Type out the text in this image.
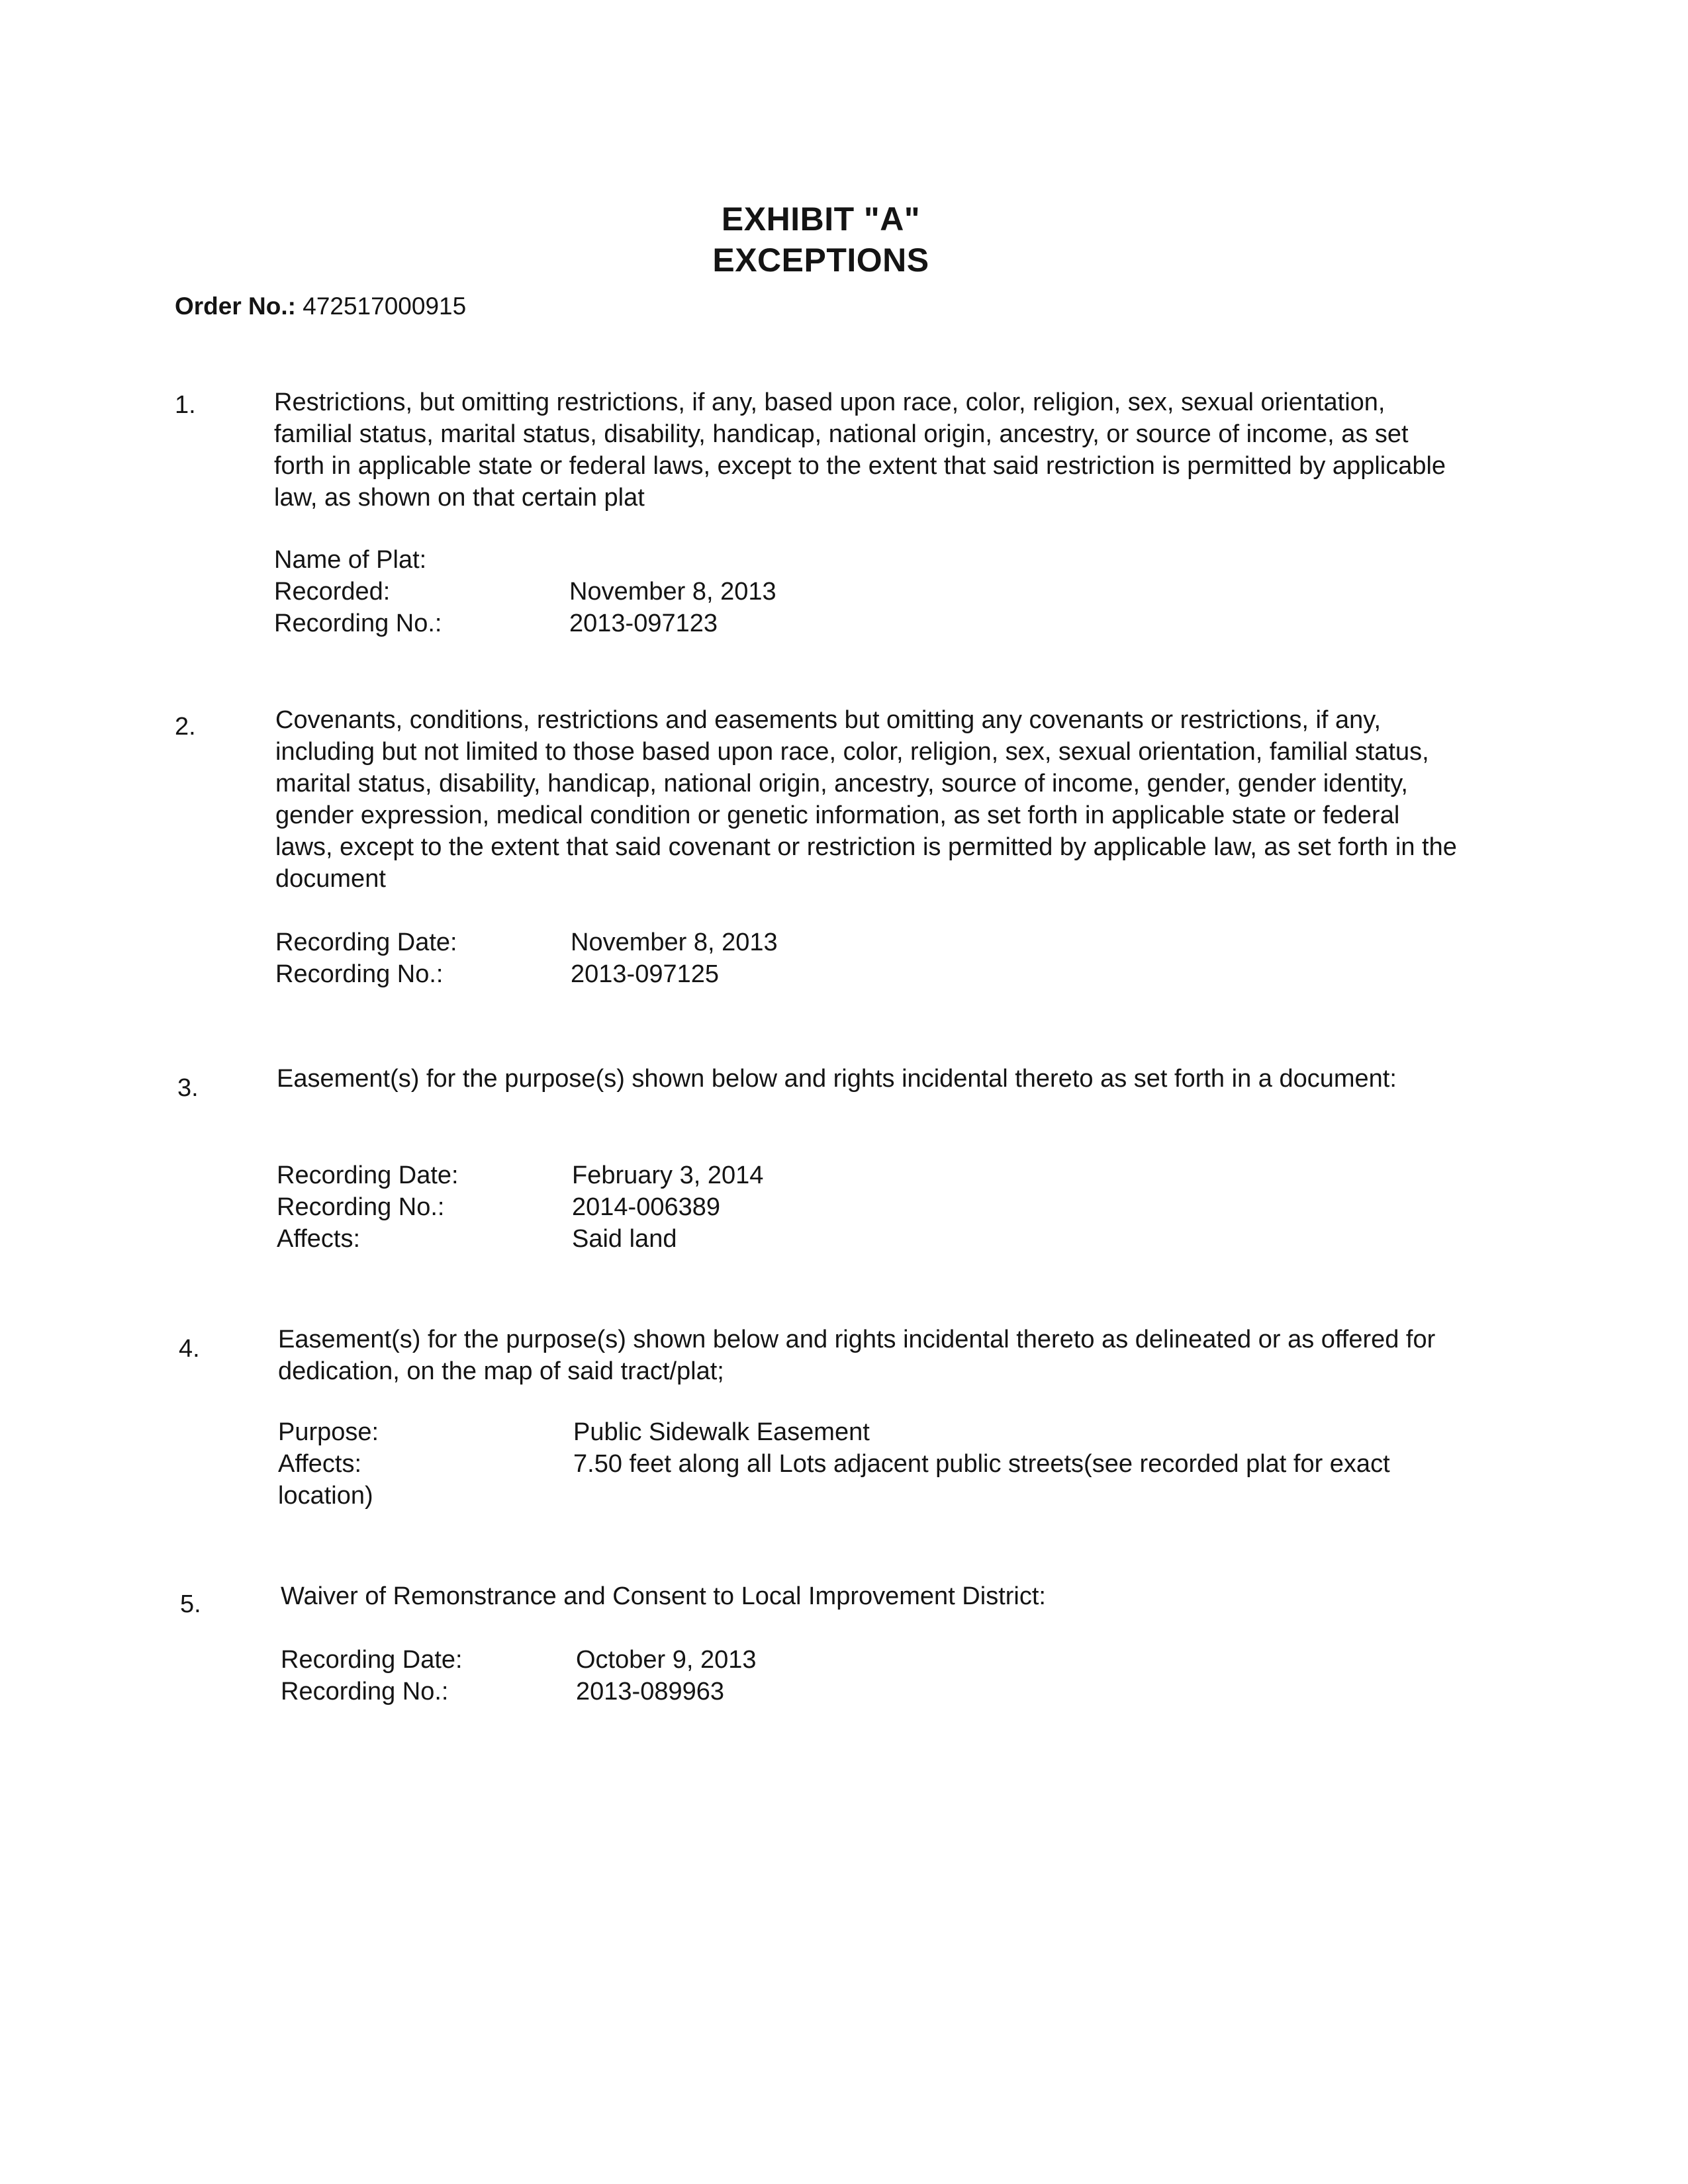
EXHIBIT "A"
EXCEPTIONS
Order No.: 472517000915
1.	Restrictions, but omitting restrictions, if any, based upon race, color, religion, sex, sexual orientation, familial status, marital status, disability, handicap, national origin, ancestry, or source of income, as set forth in applicable state or federal laws, except to the extent that said restriction is permitted by applicable law, as shown on that certain plat
Name of Plat:
Recorded:	November 8, 2013
Recording No.:	2013-097123
2.	Covenants, conditions, restrictions and easements but omitting any covenants or restrictions, if any, including but not limited to those based upon race, color, religion, sex, sexual orientation, familial status, marital status, disability, handicap, national origin, ancestry, source of income, gender, gender identity, gender expression, medical condition or genetic information, as set forth in applicable state or federal laws, except to the extent that said covenant or restriction is permitted by applicable law, as set forth in the document
Recording Date:	November 8, 2013
Recording No.:	2013-097125
3.	Easement(s) for the purpose(s) shown below and rights incidental thereto as set forth in a document:
Recording Date:	February 3, 2014
Recording No.:	2014-006389
Affects:	Said land
4.	Easement(s) for the purpose(s) shown below and rights incidental thereto as delineated or as offered for dedication, on the map of said tract/plat;
Purpose:	Public Sidewalk Easement
Affects:	7.50 feet along all Lots adjacent public streets(see recorded plat for exact
location)
5.	Waiver of Remonstrance and Consent to Local Improvement District:
Recording Date:	October 9, 2013
Recording No.:	2013-089963
